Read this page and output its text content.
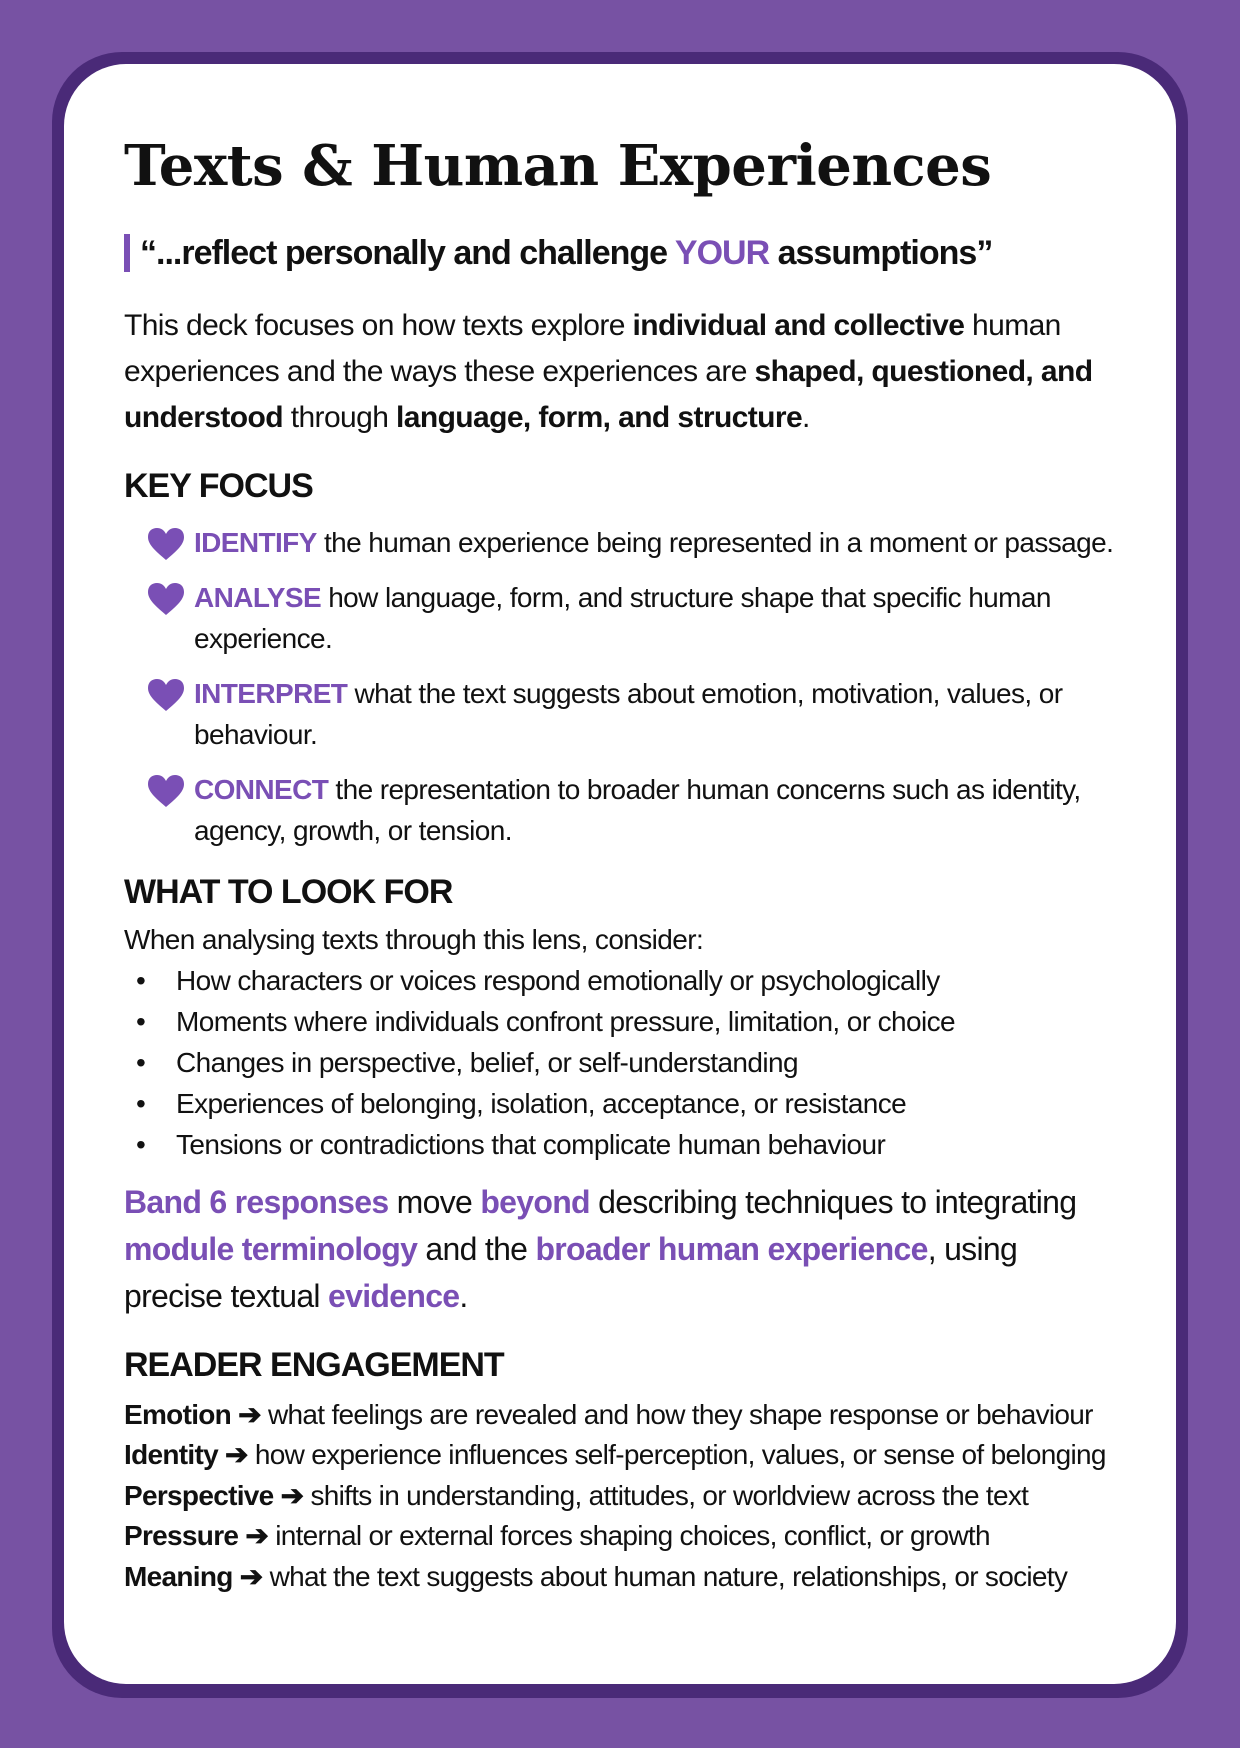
Texts & Human Experiences
“...reflect personally and challenge YOUR assumptions”
This deck focuses on how texts explore individual and collective human experiences and the ways these experiences are shaped, questioned, and understood through language, form, and structure.
KEY FOCUS
IDENTIFY the human experience being represented in a moment or passage.
ANALYSE how language, form, and structure shape that specific human experience.
INTERPRET what the text suggests about emotion, motivation, values, or behaviour.
CONNECT the representation to broader human concerns such as identity, agency, growth, or tension.
WHAT TO LOOK FOR
When analysing texts through this lens, consider:
•	How characters or voices respond emotionally or psychologically
•	Moments where individuals confront pressure, limitation, or choice
•	Changes in perspective, belief, or self-understanding
•	Experiences of belonging, isolation, acceptance, or resistance
•	Tensions or contradictions that complicate human behaviour
Band 6 responses move beyond describing techniques to integrating module terminology and the broader human experience, using precise textual evidence.
READER ENGAGEMENT
Emotion ➔ what feelings are revealed and how they shape response or behaviour
Identity ➔ how experience influences self-perception, values, or sense of belonging
Perspective ➔ shifts in understanding, attitudes, or worldview across the text
Pressure ➔ internal or external forces shaping choices, conflict, or growth
Meaning ➔ what the text suggests about human nature, relationships, or society
